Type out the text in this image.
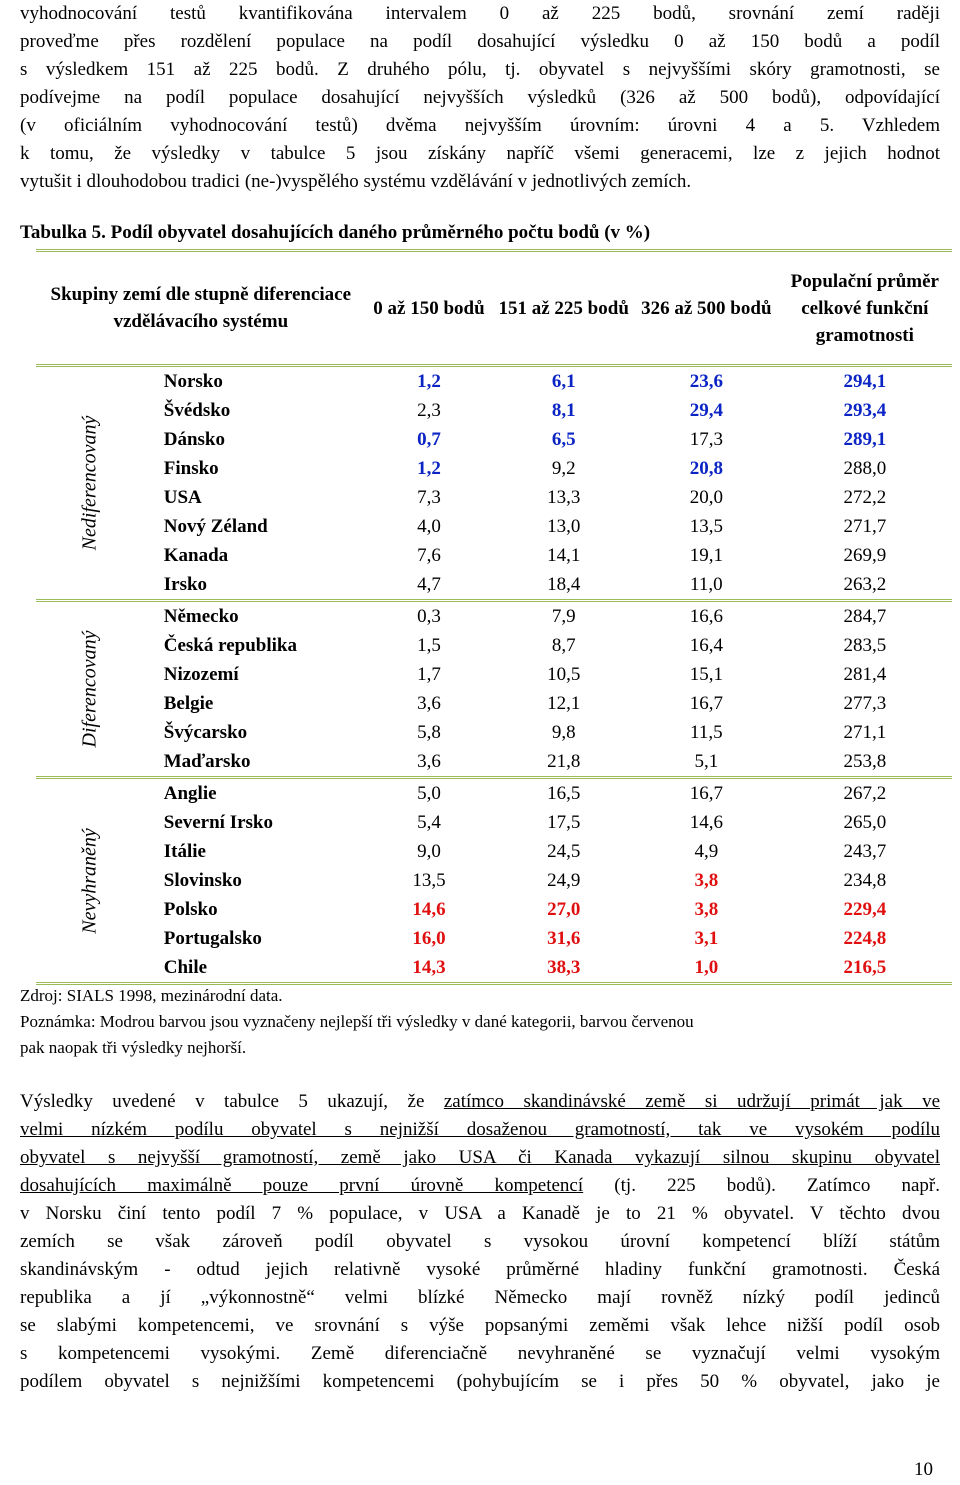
vyhodnocování testů kvantifikována intervalem 0 až 225 bodů, srovnání zemí raději
proveďme přes rozdělení populace na podíl dosahující výsledku 0 až 150 bodů a podíl
s výsledkem 151 až 225 bodů. Z druhého pólu, tj. obyvatel s nejvyššími skóry gramotnosti, se
podívejme na podíl populace dosahující nejvyšších výsledků (326 až 500 bodů), odpovídající
(v oficiálním vyhodnocování testů) dvěma nejvyšším úrovním: úrovni 4 a 5. Vzhledem
k tomu, že výsledky v tabulce 5 jsou získány napříč všemi generacemi, lze z jejich hodnot
vytušit i dlouhodobou tradici (ne-)vyspělého systému vzdělávání v jednotlivých zemích.
Tabulka 5. Podíl obyvatel dosahujících daného průměrného počtu bodů (v %)
Skupiny zemí dle stupně diferenciace vzdělávacího systému		0 až 150 bodů	151 až 225 bodů	326 až 500 bodů	Populační průměr celkové funkční gramotnosti

Nediferencovaný	Norsko	1,2	6,1	23,6	294,1
	Švédsko	2,3	8,1	29,4	293,4
	Dánsko	0,7	6,5	17,3	289,1
	Finsko	1,2	9,2	20,8	288,0
	USA	7,3	13,3	20,0	272,2
	Nový Zéland	4,0	13,0	13,5	271,7
	Kanada	7,6	14,1	19,1	269,9
	Irsko	4,7	18,4	11,0	263,2

Diferencovaný	Německo	0,3	7,9	16,6	284,7
	Česká republika	1,5	8,7	16,4	283,5
	Nizozemí	1,7	10,5	15,1	281,4
	Belgie	3,6	12,1	16,7	277,3
	Švýcarsko	5,8	9,8	11,5	271,1
	Maďarsko	3,6	21,8	5,1	253,8

Nevyhraněný	Anglie	5,0	16,5	16,7	267,2
	Severní Irsko	5,4	17,5	14,6	265,0
	Itálie	9,0	24,5	4,9	243,7
	Slovinsko	13,5	24,9	3,8	234,8
	Polsko	14,6	27,0	3,8	229,4
	Portugalsko	16,0	31,6	3,1	224,8
	Chile	14,3	38,3	1,0	216,5
Zdroj: SIALS 1998, mezinárodní data.
Poznámka: Modrou barvou jsou vyznačeny nejlepší tři výsledky v dané kategorii, barvou červenou
pak naopak tři výsledky nejhorší.
Výsledky uvedené v tabulce 5 ukazují, že zatímco skandinávské země si udržují primát jak ve
velmi nízkém podílu obyvatel s nejnižší dosaženou gramotností, tak ve vysokém podílu
obyvatel s nejvyšší gramotností, země jako USA či Kanada vykazují silnou skupinu obyvatel
dosahujících maximálně pouze první úrovně kompetencí (tj. 225 bodů). Zatímco např.
v Norsku činí tento podíl 7 % populace, v USA a Kanadě je to 21 % obyvatel. V těchto dvou
zemích se však zároveň podíl obyvatel s vysokou úrovní kompetencí blíží státům
skandinávským - odtud jejich relativně vysoké průměrné hladiny funkční gramotnosti. Česká
republika a jí „výkonnostně“ velmi blízké Německo mají rovněž nízký podíl jedinců
se slabými kompetencemi, ve srovnání s výše popsanými zeměmi však lehce nižší podíl osob
s kompetencemi vysokými. Země diferenciačně nevyhraněné se vyznačují velmi vysokým
podílem obyvatel s nejnižšími kompetencemi (pohybujícím se i přes 50 % obyvatel, jako je
10
